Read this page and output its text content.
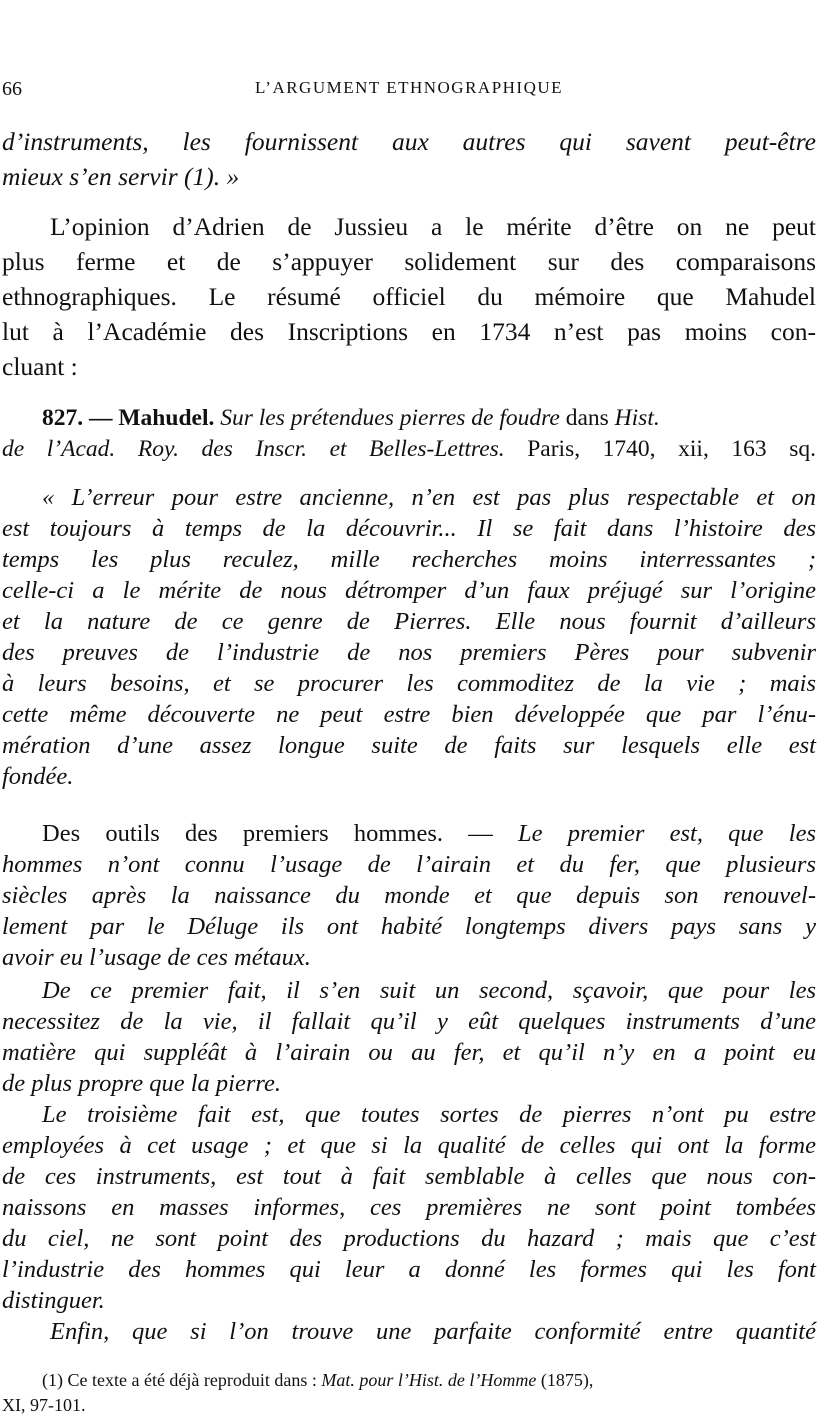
66	L’ARGUMENT ETHNOGRAPHIQUE
d’instruments, les fournissent aux autres qui savent peut-être
mieux s’en servir (1). »
L’opinion d’Adrien de Jussieu a le mérite d’être on ne peut
plus ferme et de s’appuyer solidement sur des comparaisons
ethnographiques. Le résumé officiel du mémoire que Mahudel
lut à l’Académie des Inscriptions en 1734 n’est pas moins con-
cluant :
827. — Mahudel. Sur les prétendues pierres de foudre dans Hist.
de l’Acad. Roy. des Inscr. et Belles-Lettres. Paris, 1740, xii, 163 sq.
« L’erreur pour estre ancienne, n’en est pas plus respectable et on
est toujours à temps de la découvrir... Il se fait dans l’histoire des
temps les plus reculez, mille recherches moins interressantes ;
celle-ci a le mérite de nous détromper d’un faux préjugé sur l’origine
et la nature de ce genre de Pierres. Elle nous fournit d’ailleurs
des preuves de l’industrie de nos premiers Pères pour subvenir
à leurs besoins, et se procurer les commoditez de la vie ; mais
cette même découverte ne peut estre bien développée que par l’énu-
mération d’une assez longue suite de faits sur lesquels elle est
fondée.
Des outils des premiers hommes. — Le premier est, que les
hommes n’ont connu l’usage de l’airain et du fer, que plusieurs
siècles après la naissance du monde et que depuis son renouvel-
lement par le Déluge ils ont habité longtemps divers pays sans y
avoir eu l’usage de ces métaux.
De ce premier fait, il s’en suit un second, sçavoir, que pour les
necessitez de la vie, il fallait qu’il y eût quelques instruments d’une
matière qui suppléât à l’airain ou au fer, et qu’il n’y en a point eu
de plus propre que la pierre.
Le troisième fait est, que toutes sortes de pierres n’ont pu estre
employées à cet usage ; et que si la qualité de celles qui ont la forme
de ces instruments, est tout à fait semblable à celles que nous con-
naissons en masses informes, ces premières ne sont point tombées
du ciel, ne sont point des productions du hazard ; mais que c’est
l’industrie des hommes qui leur a donné les formes qui les font
distinguer.
Enfin, que si l’on trouve une parfaite conformité entre quantité
(1) Ce texte a été déjà reproduit dans : Mat. pour l’Hist. de l’Homme (1875),
XI, 97-101.
